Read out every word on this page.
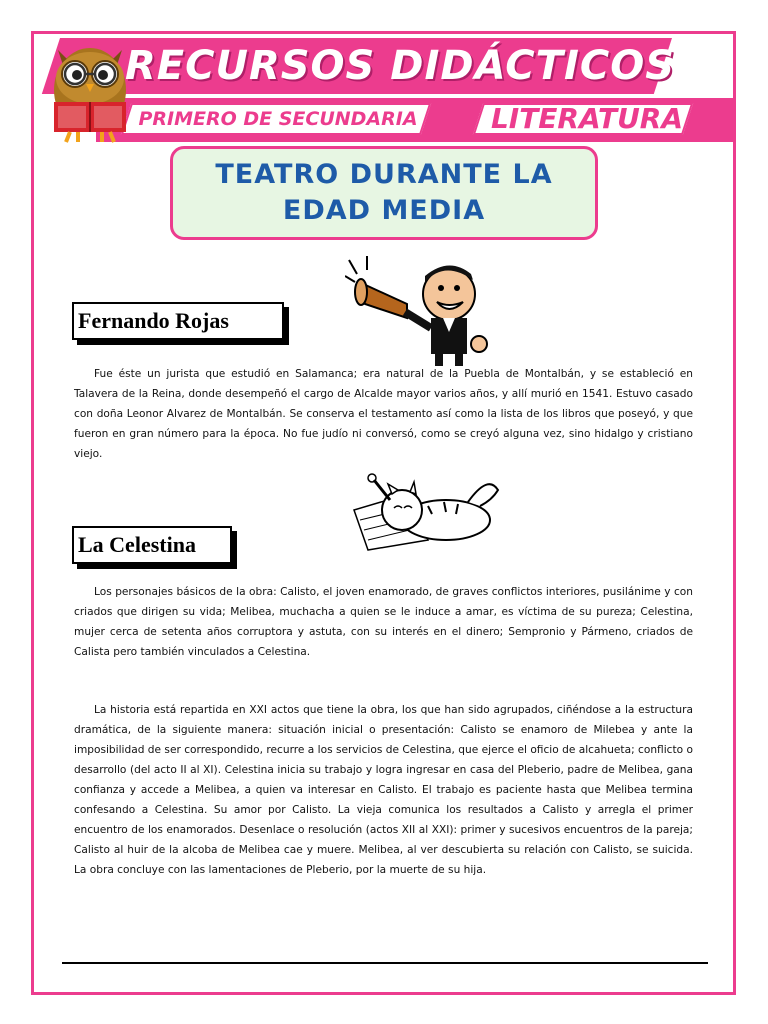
RECURSOS DIDÁCTICOS
PRIMERO DE SECUNDARIA	LITERATURA
TEATRO DURANTE LA EDAD MEDIA
Fernando Rojas

Fue éste un jurista que estudió en Salamanca; era natural de la Puebla de Montalbán, y se estableció en Talavera de la Reina, donde desempeñó el cargo de Alcalde mayor varios años, y allí murió en 1541. Estuvo casado con doña Leonor Alvarez de Montalbán. Se conserva el testamento así como la lista de los libros que poseyó, y que fueron en gran número para la época. No fue judío ni conversó, como se creyó alguna vez, sino hidalgo y cristiano viejo.

La Celestina

Los personajes básicos de la obra: Calisto, el joven enamorado, de graves conflictos interiores, pusilánime y con criados que dirigen su vida; Melibea, muchacha a quien se le induce a amar, es víctima de su pureza; Celestina, mujer cerca de setenta años corruptora y astuta, con su interés en el dinero; Sempronio y Pármeno, criados de Calista pero también vinculados a Celestina.

La historia está repartida en XXI actos que tiene la obra, los que han sido agrupados, ciñéndose a la estructura dramática, de la siguiente manera: situación inicial o presentación: Calisto se enamoro de Milebea y ante la imposibilidad de ser correspondido, recurre a los servicios de Celestina, que ejerce el oficio de alcahueta; conflicto o desarrollo (del acto II al XI). Celestina inicia su trabajo y logra ingresar en casa del Pleberio, padre de Melibea, gana confianza y accede a Melibea, a quien va interesar en Calisto. El trabajo es paciente hasta que Melibea termina confesando a Celestina. Su amor por Calisto. La vieja comunica los resultados a Calisto y arregla el primer encuentro de los enamorados. Desenlace o resolución (actos XII al XXI): primer y sucesivos encuentros de la pareja; Calisto al huir de la alcoba de Melibea cae y muere. Melibea, al ver descubierta su relación con Calisto, se suicida. La obra concluye con las lamentaciones de Pleberio, por la muerte de su hija.
